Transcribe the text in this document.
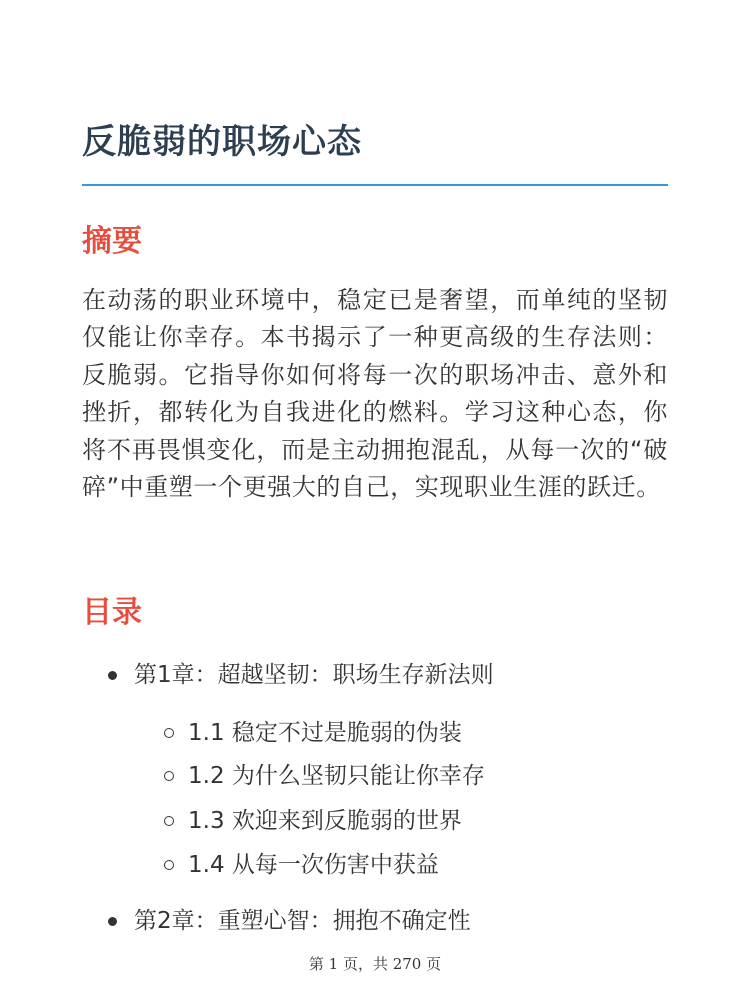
反脆弱的职场心态
摘要

在动荡的职业环境中，稳定已是奢望，而单纯的坚韧仅能让你幸存。本书揭示了一种更高级的生存法则：反脆弱。它指导你如何将每一次的职场冲击、意外和挫折，都转化为自我进化的燃料。学习这种心态，你将不再畏惧变化，而是主动拥抱混乱，从每一次的“破碎”中重塑一个更强大的自己，实现职业生涯的跃迁。

目录
第1章：超越坚韧：职场生存新法则
1.1 稳定不过是脆弱的伪装
1.2 为什么坚韧只能让你幸存
1.3 欢迎来到反脆弱的世界
1.4 从每一次伤害中获益
第2章：重塑心智：拥抱不确定性
第 1 页，共 270 页
